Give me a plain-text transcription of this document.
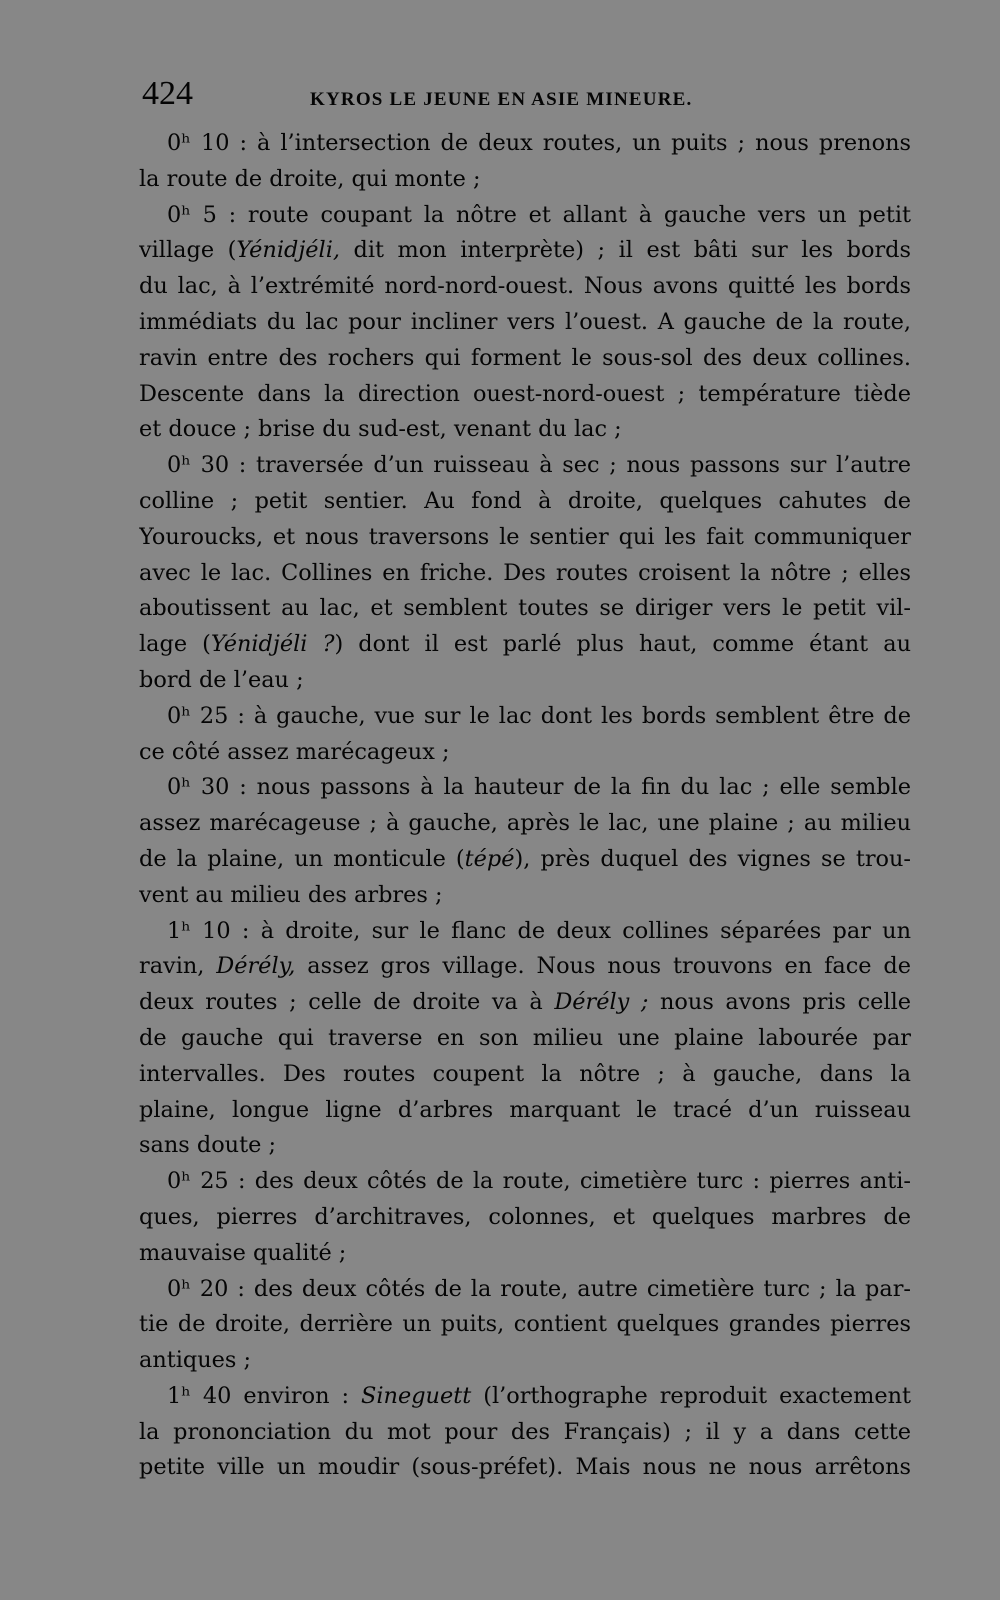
424	KYROS LE JEUNE EN ASIE MINEURE.
0ʰ 10 : à l’intersection de deux routes, un puits ; nous prenons
la route de droite, qui monte ;
0ʰ 5 : route coupant la nôtre et allant à gauche vers un petit
village (Yénidjéli, dit mon interprète) ; il est bâti sur les bords
du lac, à l’extrémité nord-nord-ouest. Nous avons quitté les bords
immédiats du lac pour incliner vers l’ouest. A gauche de la route,
ravin entre des rochers qui forment le sous-sol des deux collines.
Descente dans la direction ouest-nord-ouest ; température tiède
et douce ; brise du sud-est, venant du lac ;
0ʰ 30 : traversée d’un ruisseau à sec ; nous passons sur l’autre
colline ; petit sentier. Au fond à droite, quelques cahutes de
Youroucks, et nous traversons le sentier qui les fait communiquer
avec le lac. Collines en friche. Des routes croisent la nôtre ; elles
aboutissent au lac, et semblent toutes se diriger vers le petit vil-
lage (Yénidjéli ?) dont il est parlé plus haut, comme étant au
bord de l’eau ;
0ʰ 25 : à gauche, vue sur le lac dont les bords semblent être de
ce côté assez marécageux ;
0ʰ 30 : nous passons à la hauteur de la fin du lac ; elle semble
assez marécageuse ; à gauche, après le lac, une plaine ; au milieu
de la plaine, un monticule (tépé), près duquel des vignes se trou-
vent au milieu des arbres ;
1ʰ 10 : à droite, sur le flanc de deux collines séparées par un
ravin, Dérély, assez gros village. Nous nous trouvons en face de
deux routes ; celle de droite va à Dérély ; nous avons pris celle
de gauche qui traverse en son milieu une plaine labourée par
intervalles. Des routes coupent la nôtre ; à gauche, dans la
plaine, longue ligne d’arbres marquant le tracé d’un ruisseau
sans doute ;
0ʰ 25 : des deux côtés de la route, cimetière turc : pierres anti-
ques, pierres d’architraves, colonnes, et quelques marbres de
mauvaise qualité ;
0ʰ 20 : des deux côtés de la route, autre cimetière turc ; la par-
tie de droite, derrière un puits, contient quelques grandes pierres
antiques ;
1ʰ 40 environ : Sineguett (l’orthographe reproduit exactement
la prononciation du mot pour des Français) ; il y a dans cette
petite ville un moudir (sous-préfet). Mais nous ne nous arrêtons
